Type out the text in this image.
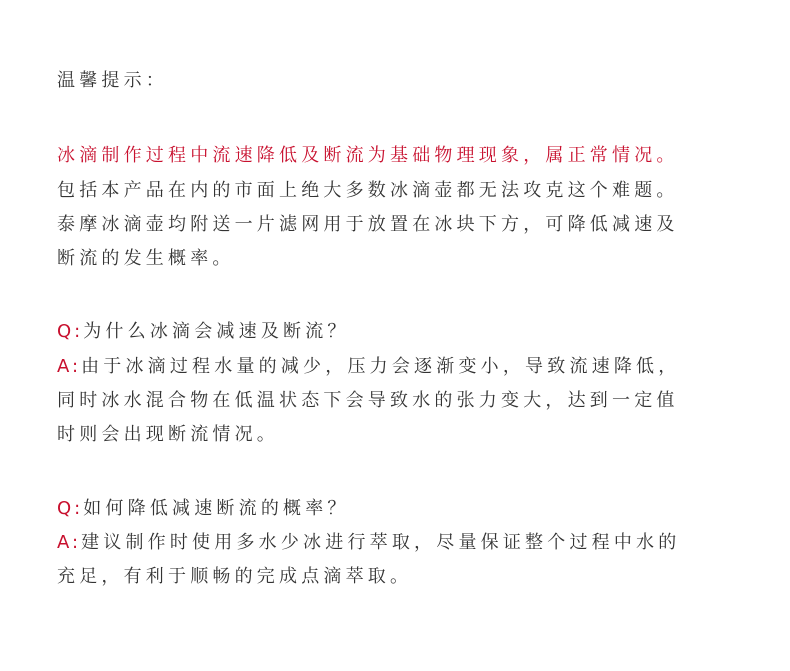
温馨提示：

冰滴制作过程中流速降低及断流为基础物理现象，属正常情况。

包括本产品在内的市面上绝大多数冰滴壶都无法攻克这个难题。

泰摩冰滴壶均附送一片滤网用于放置在冰块下方，可降低减速及

断流的发生概率。

Q:为什么冰滴会减速及断流？

A:由于冰滴过程水量的减少，压力会逐渐变小，导致流速降低，

同时冰水混合物在低温状态下会导致水的张力变大，达到一定值

时则会出现断流情况。

Q:如何降低减速断流的概率？

A:建议制作时使用多水少冰进行萃取，尽量保证整个过程中水的

充足，有利于顺畅的完成点滴萃取。
